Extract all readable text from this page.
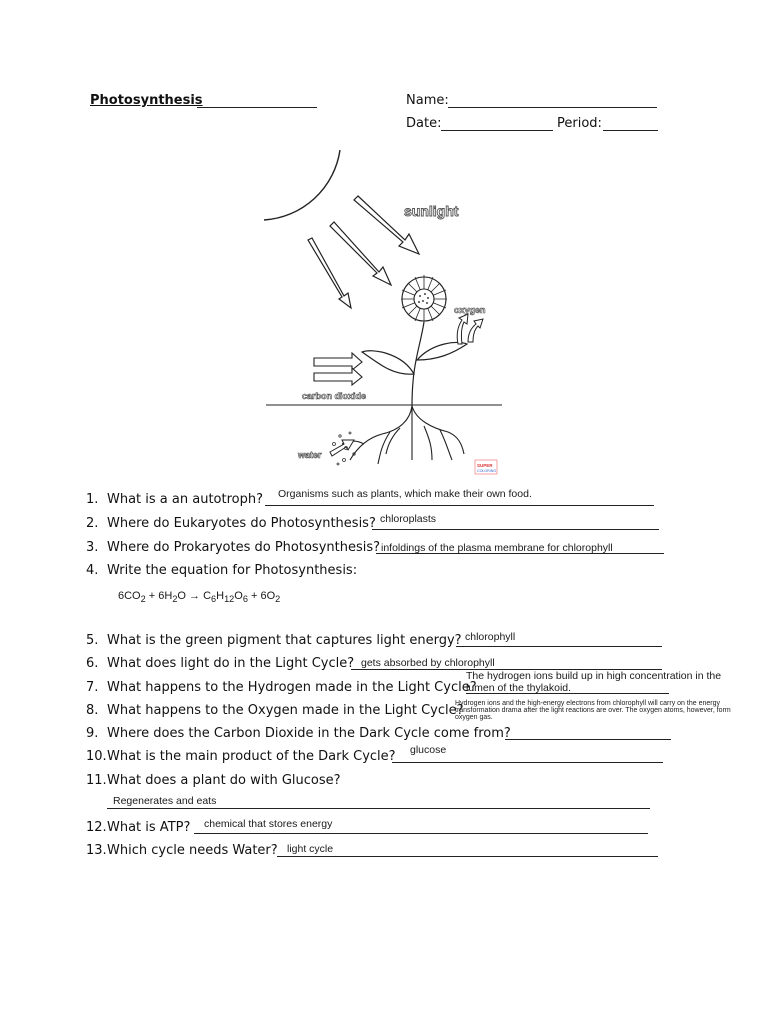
Photosynthesis	Name:
Date:	Period:
sunlight
oxygen
carbon dioxide
water
SUPER
COLORING
1. What is a an autotroph? Organisms such as plants, which make their own food.
2. Where do Eukaryotes do Photosynthesis? chloroplasts
3. Where do Prokaryotes do Photosynthesis? infoldings of the plasma membrane for chlorophyll
4. Write the equation for Photosynthesis:
$6CO_2 + 6H_2O \to C_6H_{12}O_6 + 6O_2$
5. What is the green pigment that captures light energy? chlorophyll
6. What does light do in the Light Cycle? gets absorbed by chlorophyll
7. What happens to the Hydrogen made in the Light Cycle?
The hydrogen ions build up in high concentration in the
lumen of the thylakoid.
8. What happens to the Oxygen made in the Light Cycle?
Hydrogen ions and the high-energy electrons from chlorophyll will carry on the energy transformation drama after the light reactions are over. The oxygen atoms, however, form oxygen gas.
9. Where does the Carbon Dioxide in the Dark Cycle come from?
10. What is the main product of the Dark Cycle? glucose
11. What does a plant do with Glucose?
Regenerates and eats
12. What is ATP? chemical that stores energy
13. Which cycle needs Water? light cycle
